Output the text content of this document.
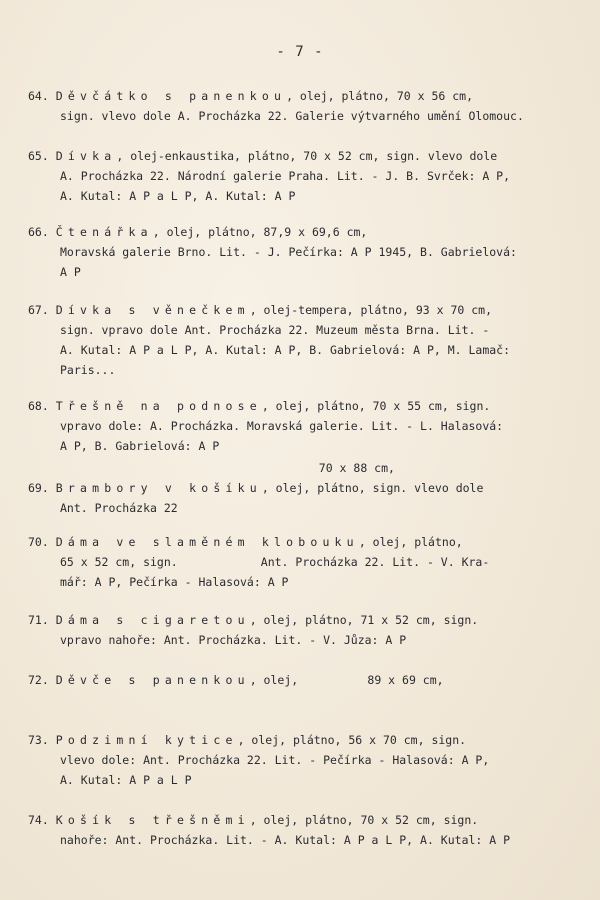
- 7 -
64. Děvčátko s panenkou, olej, plátno, 70 x 56 cm,
sign. vlevo dole A. Procházka 22. Galerie výtvarného umění Olomouc.
65. Dívka, olej-enkaustika, plátno, 70 x 52 cm, sign. vlevo dole
A. Procházka 22. Národní galerie Praha. Lit. - J. B. Svrček: A P,
A. Kutal: A P a L P, A. Kutal: A P
66. Čtenářka, olej, plátno, 87,9 x 69,6 cm,
Moravská galerie Brno. Lit. - J. Pečírka: A P 1945, B. Gabrielová:
A P
67. Dívka s věnečkem, olej-tempera, plátno, 93 x 70 cm,
sign. vpravo dole Ant. Procházka 22. Muzeum města Brna. Lit. -
A. Kutal: A P a L P, A. Kutal: A P, B. Gabrielová: A P, M. Lamač:
Paris...
68. Třešně na podnose, olej, plátno, 70 x 55 cm, sign.
vpravo dole: A. Procházka. Moravská galerie. Lit. - L. Halasová:
A P, B. Gabrielová: A P
70 x 88 cm,
69. Brambory v košíku, olej, plátno, sign. vlevo dole
Ant. Procházka 22
70. Dáma ve slaměném klobouku, olej, plátno,
65 x 52 cm, sign.            Ant. Procházka 22. Lit. - V. Kra-
mář: A P, Pečírka - Halasová: A P
71. Dáma s cigaretou, olej, plátno, 71 x 52 cm, sign.
vpravo nahoře: Ant. Procházka. Lit. - V. Jůza: A P
72. Děvče s panenkou, olej,          89 x 69 cm,
73. Podzimní kytice, olej, plátno, 56 x 70 cm, sign.
vlevo dole: Ant. Procházka 22. Lit. - Pečírka - Halasová: A P,
A. Kutal: A P a L P
74. Košík s třešněmi, olej, plátno, 70 x 52 cm, sign.
nahoře: Ant. Procházka. Lit. - A. Kutal: A P a L P, A. Kutal: A P
